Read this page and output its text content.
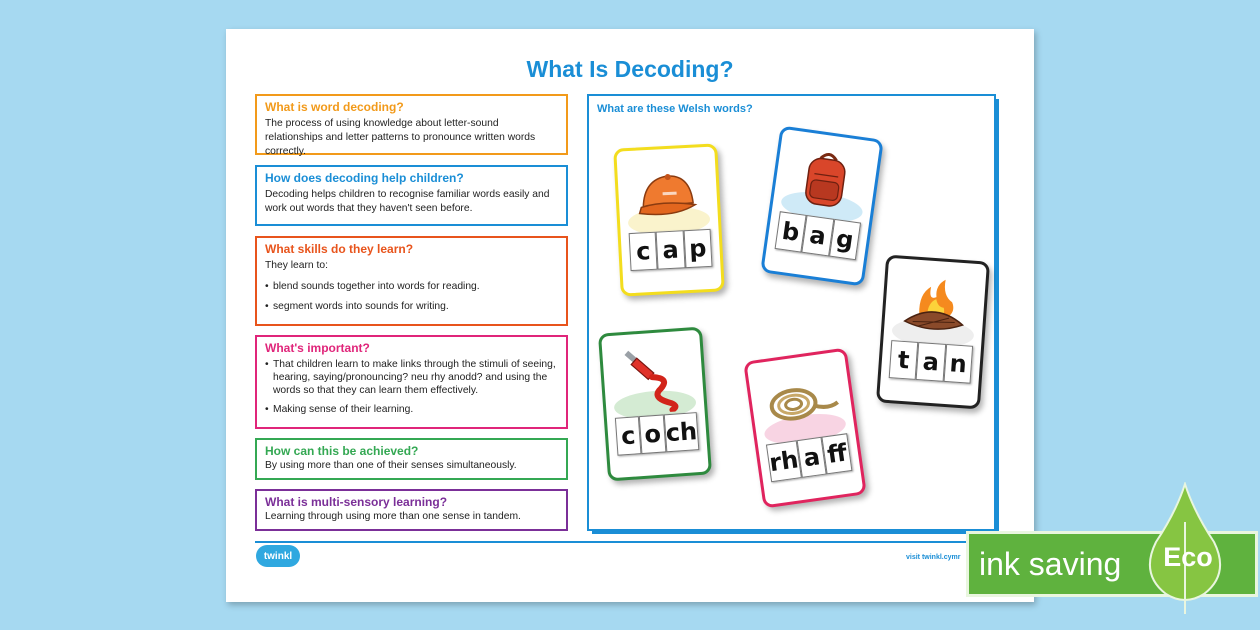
What Is Decoding?
What is word decoding?
The process of using knowledge about letter-sound relationships and letter patterns to pronounce written words correctly.
How does decoding help children?
Decoding helps children to recognise familiar words easily and work out words that they haven't seen before.
What skills do they learn?
They learn to:
• blend sounds together into words for reading.
• segment words into sounds for writing.
What's important?
• That children learn to make links through the stimuli of seeing, hearing, saying/pronouncing? neu rhy anodd? and using the words so that they can learn them effectively.
• Making sense of their learning.
How can this be achieved?
By using more than one of their senses simultaneously.
What is multi-sensory learning?
Learning through using more than one sense in tandem.
What are these Welsh words?
c a p
b a g
t a n
c o ch
rh a ff
twinkl	visit twinkl.cymr ink saving Eco
